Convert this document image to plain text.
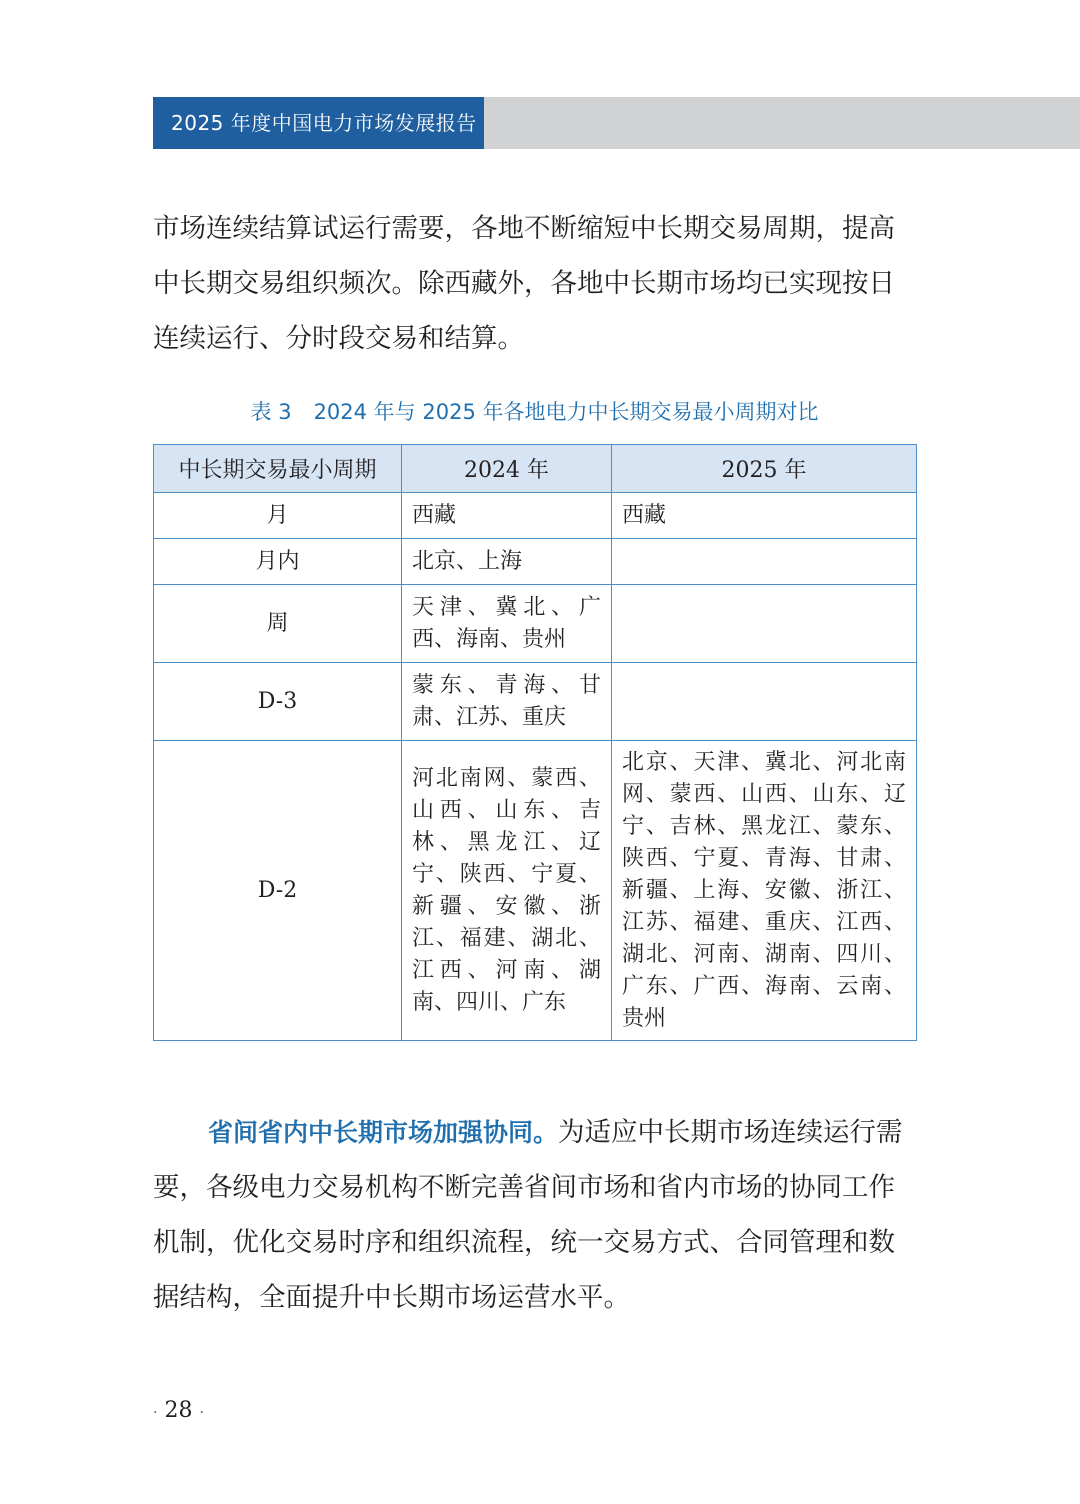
2025 年度中国电力市场发展报告

市场连续结算试运行需要，各地不断缩短中长期交易周期，提高中长期交易组织频次。除西藏外，各地中长期市场均已实现按日连续运行、分时段交易和结算。

表 3 2024 年与 2025 年各地电力中长期交易最小周期对比
中长期交易最小周期	2024 年	2025 年
月	西藏	西藏
月内	北京、上海	
周	天津、冀北、广西、海南、贵州	
D-3	蒙东、青海、甘肃、江苏、重庆	
D-2	河北南网、蒙西、山西、山东、吉林、黑龙江、辽宁、陕西、宁夏、新疆、安徽、浙江、福建、湖北、江西、河南、湖南、四川、广东	北京、天津、冀北、河北南网、蒙西、山西、山东、辽宁、吉林、黑龙江、蒙东、陕西、宁夏、青海、甘肃、新疆、上海、安徽、浙江、江苏、福建、重庆、江西、湖北、河南、湖南、四川、广东、广西、海南、云南、贵州

省间省内中长期市场加强协同。为适应中长期市场连续运行需要，各级电力交易机构不断完善省间市场和省内市场的协同工作机制，优化交易时序和组织流程，统一交易方式、合同管理和数据结构，全面提升中长期市场运营水平。

· 28 ·
